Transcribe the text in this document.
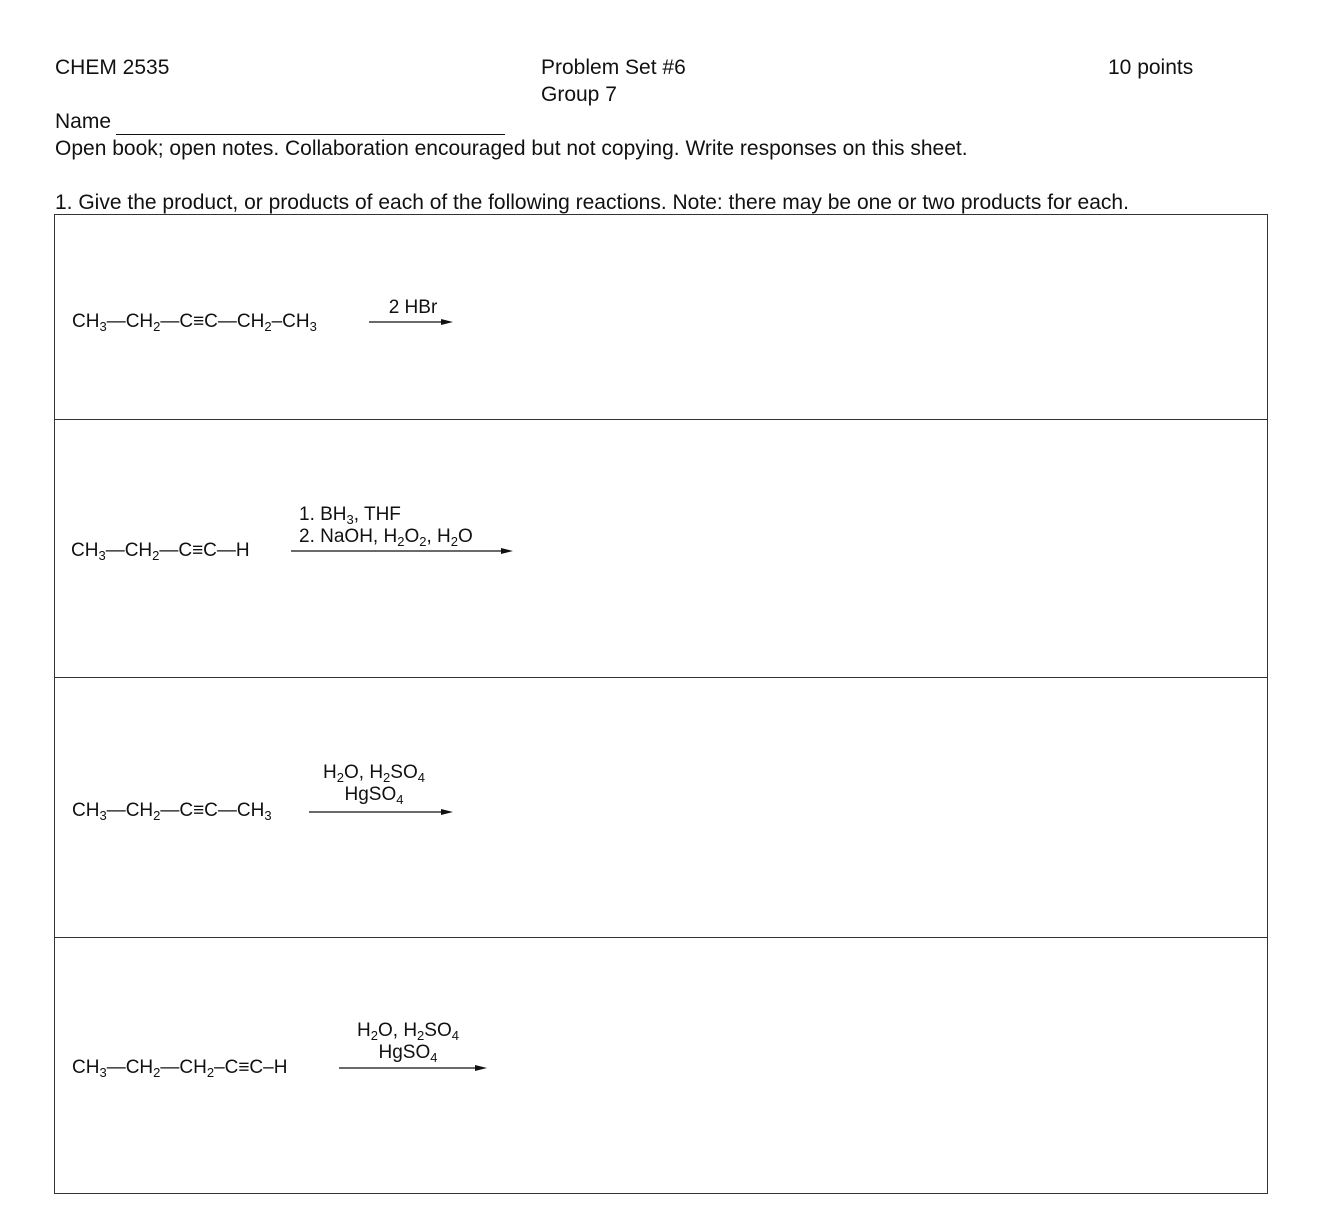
CHEM 2535	Problem Set #6
Group 7
10 points
Name
Open book; open notes. Collaboration encouraged but not copying. Write responses on this sheet.
1. Give the product, or products of each of the following reactions. Note: there may be one or two products for each.
$CH_3—CH_2—C\equiv C—CH_2-CH_3$
2 HBr
$CH_3—CH_2—C\equiv C—H$
1. $BH_3$, THF
2. NaOH, $H_2O_2$, $H_2O$
$CH_3—CH_2—C\equiv C—CH_3$
$H_2O$, $H_2SO_4$
HgSO$_4$
$CH_3—CH_2—CH_2-C\equiv C-H$
$H_2O$, $H_2SO_4$
HgSO$_4$
